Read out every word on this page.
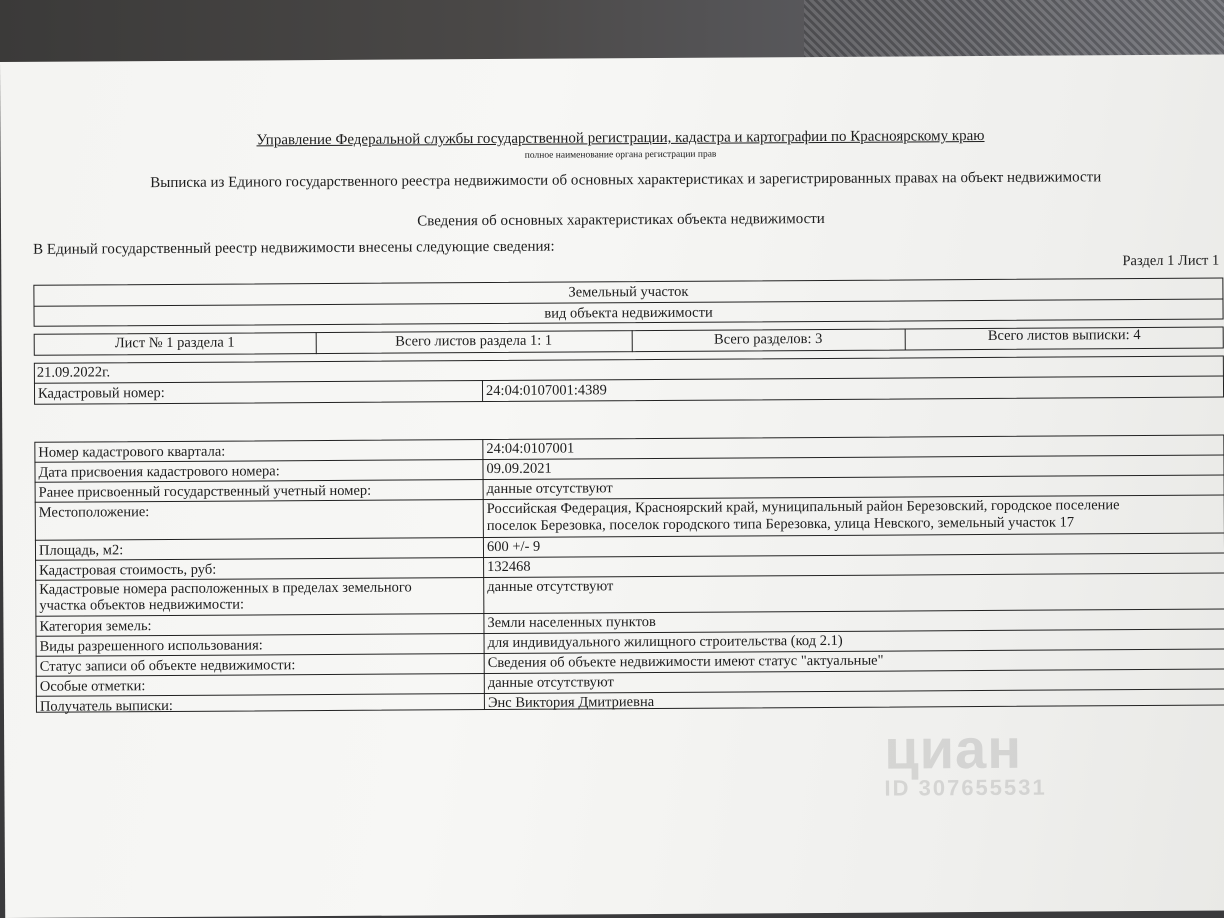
Управление Федеральной службы государственной регистрации, кадастра и картографии по Красноярскому краю
полное наименование органа регистрации прав
Выписка из Единого государственного реестра недвижимости об основных характеристиках и зарегистрированных правах на объект недвижимости
Сведения об основных характеристиках объекта недвижимости
В Единый государственный реестр недвижимости внесены следующие сведения:
Раздел 1 Лист 1
Земельный участок
вид объекта недвижимости
Лист № 1 раздела 1	Всего листов раздела 1: 1	Всего разделов: 3	Всего листов выписки: 4
21.09.2022г.
Кадастровый номер:	24:04:0107001:4389
Номер кадастрового квартала:	24:04:0107001
Дата присвоения кадастрового номера:	09.09.2021
Ранее присвоенный государственный учетный номер:	данные отсутствуют
Местоположение:	Российская Федерация, Красноярский край, муниципальный район Березовский, городское поселение
поселок Березовка, поселок городского типа Березовка, улица Невского, земельный участок 17
Площадь, м2:	600 +/- 9
Кадастровая стоимость, руб:	132468
Кадастровые номера расположенных в пределах земельного
участка объектов недвижимости:
данные отсутствуют
Категория земель:	Земли населенных пунктов
Виды разрешенного использования:	для индивидуального жилищного строительства (код 2.1)
Статус записи об объекте недвижимости:	Сведения об объекте недвижимости имеют статус "актуальные"
Особые отметки:	данные отсутствуют
Получатель выписки:	Энс Виктория Дмитриевна
циан
ID 307655531
